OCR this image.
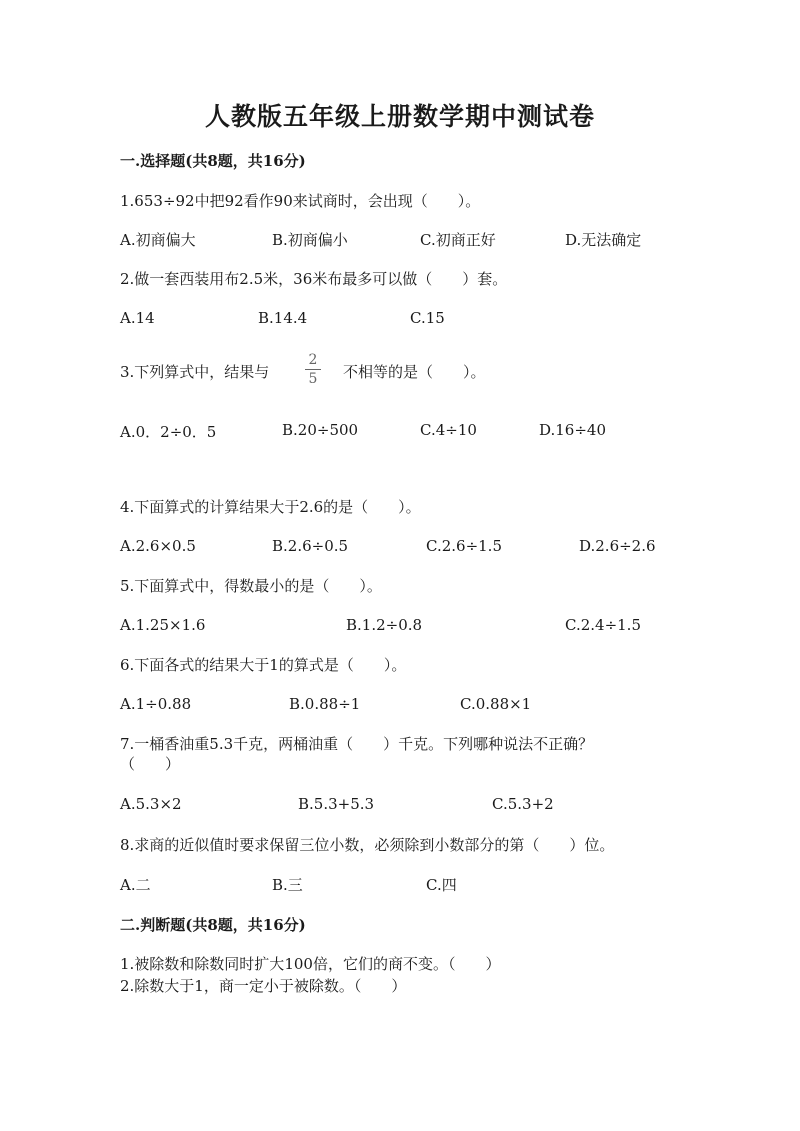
人教版五年级上册数学期中测试卷
一.选择题(共8题，共16分)
1.653÷92中把92看作90来试商时，会出现（　　）。
A.初商偏大	B.初商偏小	C.初商正好	D.无法确定
2.做一套西装用布2.5米，36米布最多可以做（　　）套。
A.14	B.14.4	C.15
3.下列算式中，结果与
2
5 不相等的是（　　）。
A.0．2÷0．5	B.20÷500	C.4÷10	D.16÷40
4.下面算式的计算结果大于2.6的是（　　）。
A.2.6×0.5	B.2.6÷0.5	C.2.6÷1.5	D.2.6÷2.6
5.下面算式中，得数最小的是（　　）。
A.1.25×1.6	B.1.2÷0.8	C.2.4÷1.5
6.下面各式的结果大于1的算式是（　　）。
A.1÷0.88	B.0.88÷1	C.0.88×1
7.一桶香油重5.3千克，两桶油重（　　）千克。下列哪种说法不正确？
（　　）
A.5.3×2	B.5.3+5.3	C.5.3+2
8.求商的近似值时要求保留三位小数，必须除到小数部分的第（　　）位。
A.二	B.三	C.四
二.判断题(共8题，共16分)
1.被除数和除数同时扩大100倍，它们的商不变。（　　）
2.除数大于1，商一定小于被除数。（　　）
